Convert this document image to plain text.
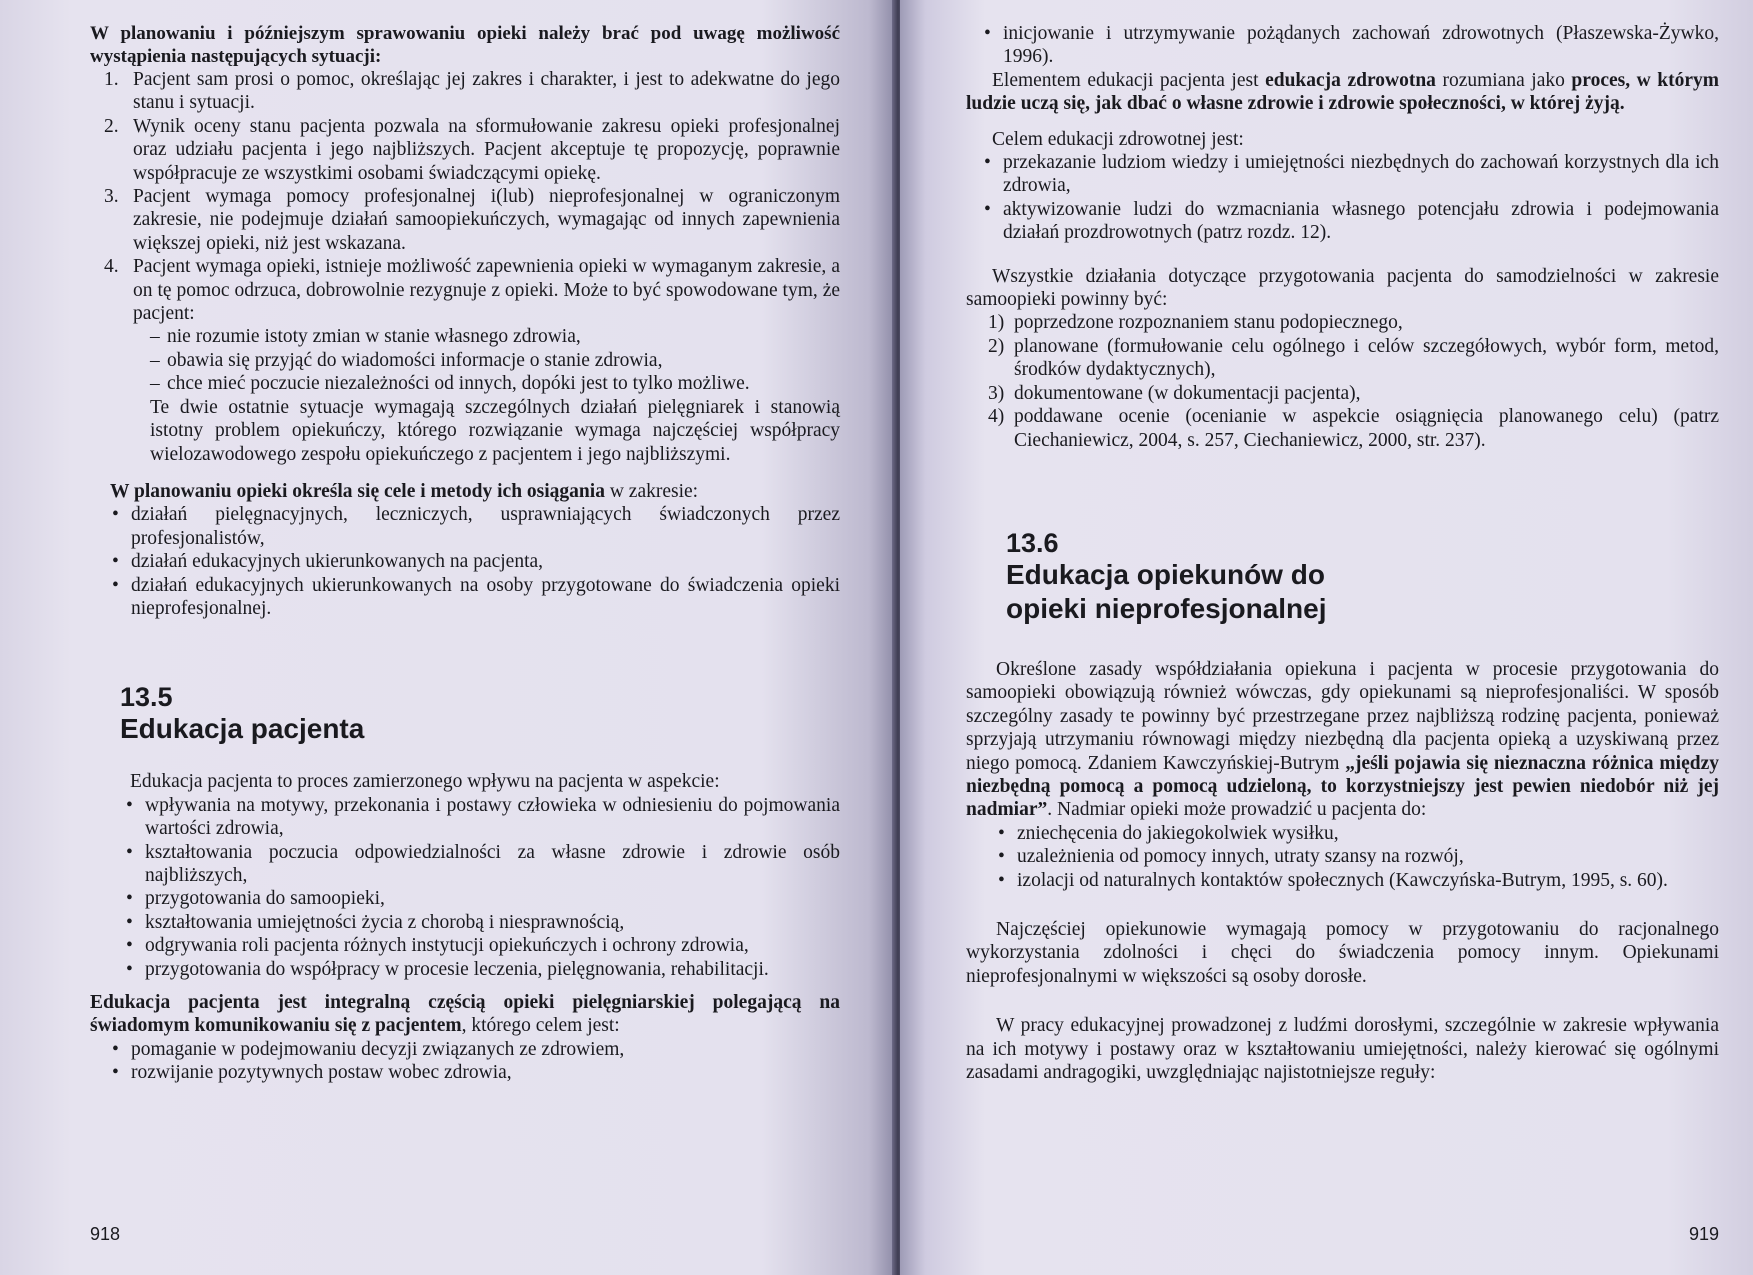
W planowaniu i późniejszym sprawowaniu opieki należy brać pod uwagę możliwość wystąpienia następujących sytuacji:
1. Pacjent sam prosi o pomoc, określając jej zakres i charakter, i jest to adekwatne do jego stanu i sytuacji.
2. Wynik oceny stanu pacjenta pozwala na sformułowanie zakresu opieki profesjonalnej oraz udziału pacjenta i jego najbliższych. Pacjent akceptuje tę propozycję, poprawnie współpracuje ze wszystkimi osobami świadczącymi opiekę.
3. Pacjent wymaga pomocy profesjonalnej i(lub) nieprofesjonalnej w ograniczonym zakresie, nie podejmuje działań samoopiekuńczych, wymagając od innych zapewnienia większej opieki, niż jest wskazana.
4. Pacjent wymaga opieki, istnieje możliwość zapewnienia opieki w wymaganym zakresie, a on tę pomoc odrzuca, dobrowolnie rezygnuje z opieki. Może to być spowodowane tym, że pacjent:
– nie rozumie istoty zmian w stanie własnego zdrowia,
– obawia się przyjąć do wiadomości informacje o stanie zdrowia,
– chce mieć poczucie niezależności od innych, dopóki jest to tylko możliwe.

Te dwie ostatnie sytuacje wymagają szczególnych działań pielęgniarek i stanowią istotny problem opiekuńczy, którego rozwiązanie wymaga najczęściej współpracy wielozawodowego zespołu opiekuńczego z pacjentem i jego najbliższymi.

W planowaniu opieki określa się cele i metody ich osiągania w zakresie:

• działań pielęgnacyjnych, leczniczych, usprawniających świadczonych przez profesjonalistów,
• działań edukacyjnych ukierunkowanych na pacjenta,
• działań edukacyjnych ukierunkowanych na osoby przygotowane do świadczenia opieki nieprofesjonalnej.
13.5
Edukacja pacjenta

Edukacja pacjenta to proces zamierzonego wpływu na pacjenta w aspekcie:

• wpływania na motywy, przekonania i postawy człowieka w odniesieniu do pojmowania wartości zdrowia,
• kształtowania poczucia odpowiedzialności za własne zdrowie i zdrowie osób najbliższych,
• przygotowania do samoopieki,
• kształtowania umiejętności życia z chorobą i niesprawnością,
• odgrywania roli pacjenta różnych instytucji opiekuńczych i ochrony zdrowia,
• przygotowania do współpracy w procesie leczenia, pielęgnowania, rehabilitacji.

Edukacja pacjenta jest integralną częścią opieki pielęgniarskiej polegającą na świadomym komunikowaniu się z pacjentem, którego celem jest:

• pomaganie w podejmowaniu decyzji związanych ze zdrowiem,
• rozwijanie pozytywnych postaw wobec zdrowia,
918
• inicjowanie i utrzymywanie pożądanych zachowań zdrowotnych (Płaszewska-Żywko, 1996).

Elementem edukacji pacjenta jest edukacja zdrowotna rozumiana jako proces, w którym ludzie uczą się, jak dbać o własne zdrowie i zdrowie społeczności, w której żyją.

Celem edukacji zdrowotnej jest:

• przekazanie ludziom wiedzy i umiejętności niezbędnych do zachowań korzystnych dla ich zdrowia,
• aktywizowanie ludzi do wzmacniania własnego potencjału zdrowia i podejmowania działań prozdrowotnych (patrz rozdz. 12).

Wszystkie działania dotyczące przygotowania pacjenta do samodzielności w zakresie samoopieki powinny być:

1) poprzedzone rozpoznaniem stanu podopiecznego,
2) planowane (formułowanie celu ogólnego i celów szczegółowych, wybór form, metod, środków dydaktycznych),
3) dokumentowane (w dokumentacji pacjenta),
4) poddawane ocenie (ocenianie w aspekcie osiągnięcia planowanego celu) (patrz Ciechaniewicz, 2004, s. 257, Ciechaniewicz, 2000, str. 237).
13.6
Edukacja opiekunów do opieki nieprofesjonalnej

Określone zasady współdziałania opiekuna i pacjenta w procesie przygotowania do samoopieki obowiązują również wówczas, gdy opiekunami są nieprofesjonaliści. W sposób szczególny zasady te powinny być przestrzegane przez najbliższą rodzinę pacjenta, ponieważ sprzyjają utrzymaniu równowagi między niezbędną dla pacjenta opieką a uzyskiwaną przez niego pomocą. Zdaniem Kawczyńskiej-Butrym „jeśli pojawia się nieznaczna różnica między niezbędną pomocą a pomocą udzieloną, to korzystniejszy jest pewien niedobór niż jej nadmiar”. Nadmiar opieki może prowadzić u pacjenta do:

• zniechęcenia do jakiegokolwiek wysiłku,
• uzależnienia od pomocy innych, utraty szansy na rozwój,
• izolacji od naturalnych kontaktów społecznych (Kawczyńska-Butrym, 1995, s. 60).

Najczęściej opiekunowie wymagają pomocy w przygotowaniu do racjonalnego wykorzystania zdolności i chęci do świadczenia pomocy innym. Opiekunami nieprofesjonalnymi w większości są osoby dorosłe.

W pracy edukacyjnej prowadzonej z ludźmi dorosłymi, szczególnie w zakresie wpływania na ich motywy i postawy oraz w kształtowaniu umiejętności, należy kierować się ogólnymi zasadami andragogiki, uwzględniając najistotniejsze reguły:

919
